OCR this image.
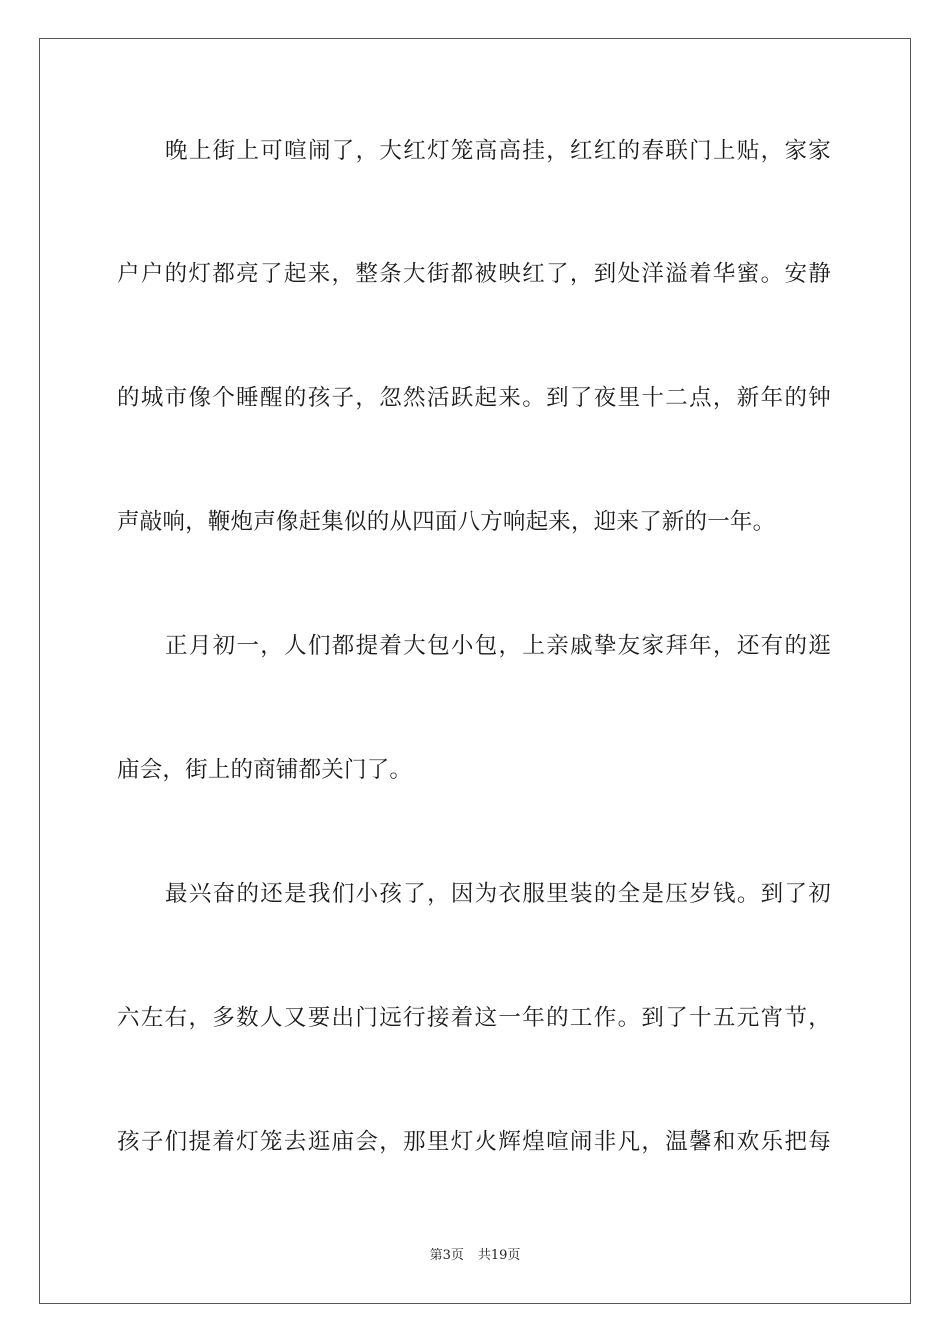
晚上街上可喧闹了，大红灯笼高高挂，红红的春联门上贴，家家
户户的灯都亮了起来，整条大街都被映红了，到处洋溢着华蜜。安静
的城市像个睡醒的孩子，忽然活跃起来。到了夜里十二点，新年的钟
声敲响，鞭炮声像赶集似的从四面八方响起来，迎来了新的一年。
正月初一，人们都提着大包小包，上亲戚挚友家拜年，还有的逛
庙会，街上的商铺都关门了。
最兴奋的还是我们小孩了，因为衣服里装的全是压岁钱。到了初
六左右，多数人又要出门远行接着这一年的工作。到了十五元宵节，
孩子们提着灯笼去逛庙会，那里灯火辉煌喧闹非凡，温馨和欢乐把每
第3页 共19页
